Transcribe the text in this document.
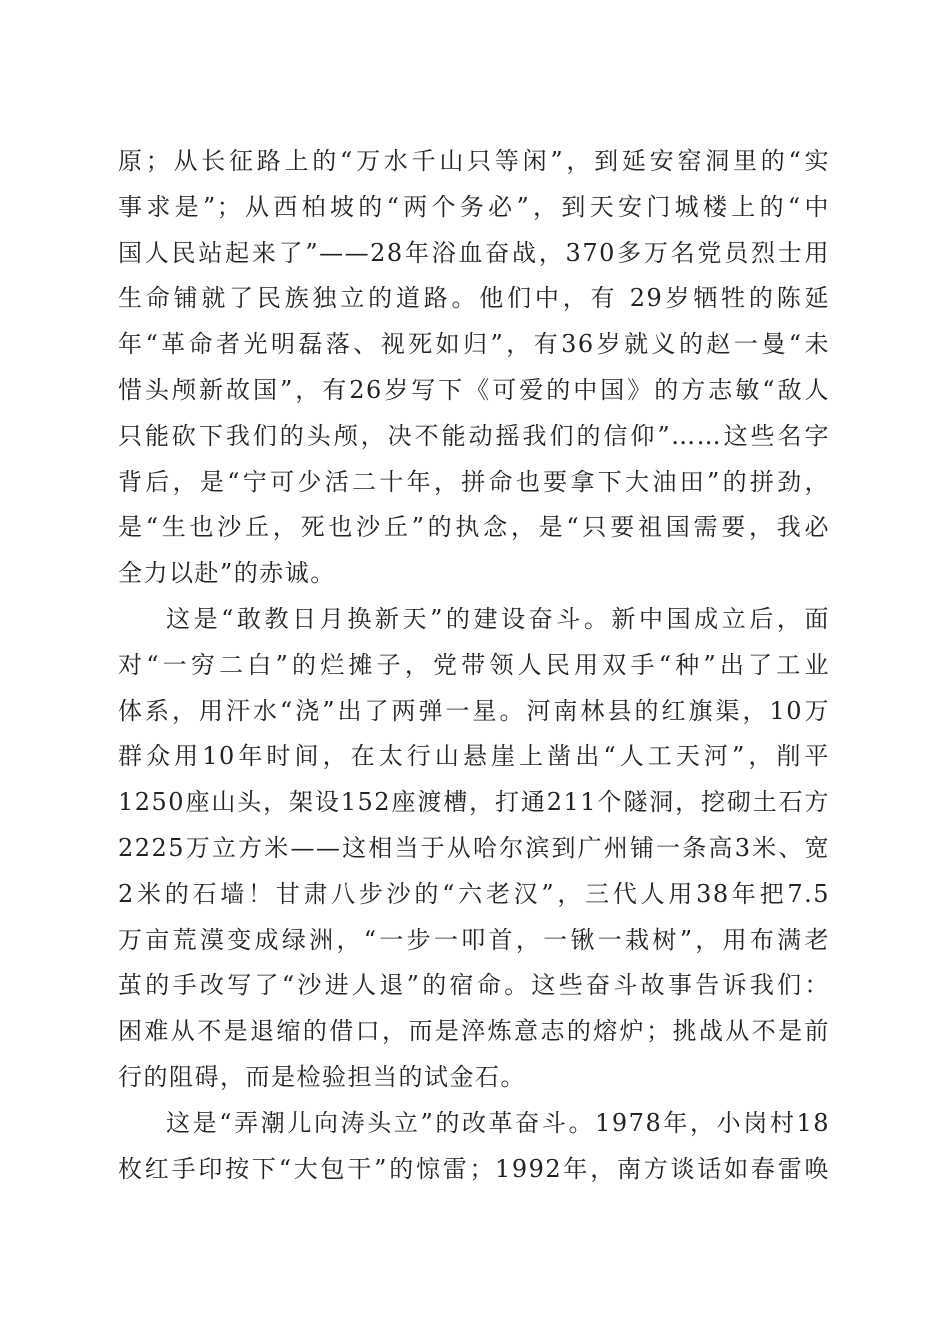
原；从长征路上的“万水千山只等闲”，到延安窑洞里的“实
事求是”；从西柏坡的“两个务必”，到天安门城楼上的“中
国人民站起来了”——28年浴血奋战，370多万名党员烈士用
生命铺就了民族独立的道路。他们中，有 29岁牺牲的陈延
年“革命者光明磊落、视死如归”，有36岁就义的赵一曼“未
惜头颅新故国”，有26岁写下《可爱的中国》的方志敏“敌人
只能砍下我们的头颅，决不能动摇我们的信仰”……这些名字
背后，是“宁可少活二十年，拼命也要拿下大油田”的拼劲，
是“生也沙丘，死也沙丘”的执念，是“只要祖国需要，我必
全力以赴”的赤诚。
这是“敢教日月换新天”的建设奋斗。新中国成立后，面
对“一穷二白”的烂摊子，党带领人民用双手“种”出了工业
体系，用汗水“浇”出了两弹一星。河南林县的红旗渠，10万
群众用10年时间，在太行山悬崖上凿出“人工天河”，削平
1250座山头，架设152座渡槽，打通211个隧洞，挖砌土石方
2225万立方米——这相当于从哈尔滨到广州铺一条高3米、宽
2米的石墙！甘肃八步沙的“六老汉”，三代人用38年把7.5
万亩荒漠变成绿洲，“一步一叩首，一锹一栽树”，用布满老
茧的手改写了“沙进人退”的宿命。这些奋斗故事告诉我们：
困难从不是退缩的借口，而是淬炼意志的熔炉；挑战从不是前
行的阻碍，而是检验担当的试金石。
这是“弄潮儿向涛头立”的改革奋斗。1978年，小岗村18
枚红手印按下“大包干”的惊雷；1992年，南方谈话如春雷唤
